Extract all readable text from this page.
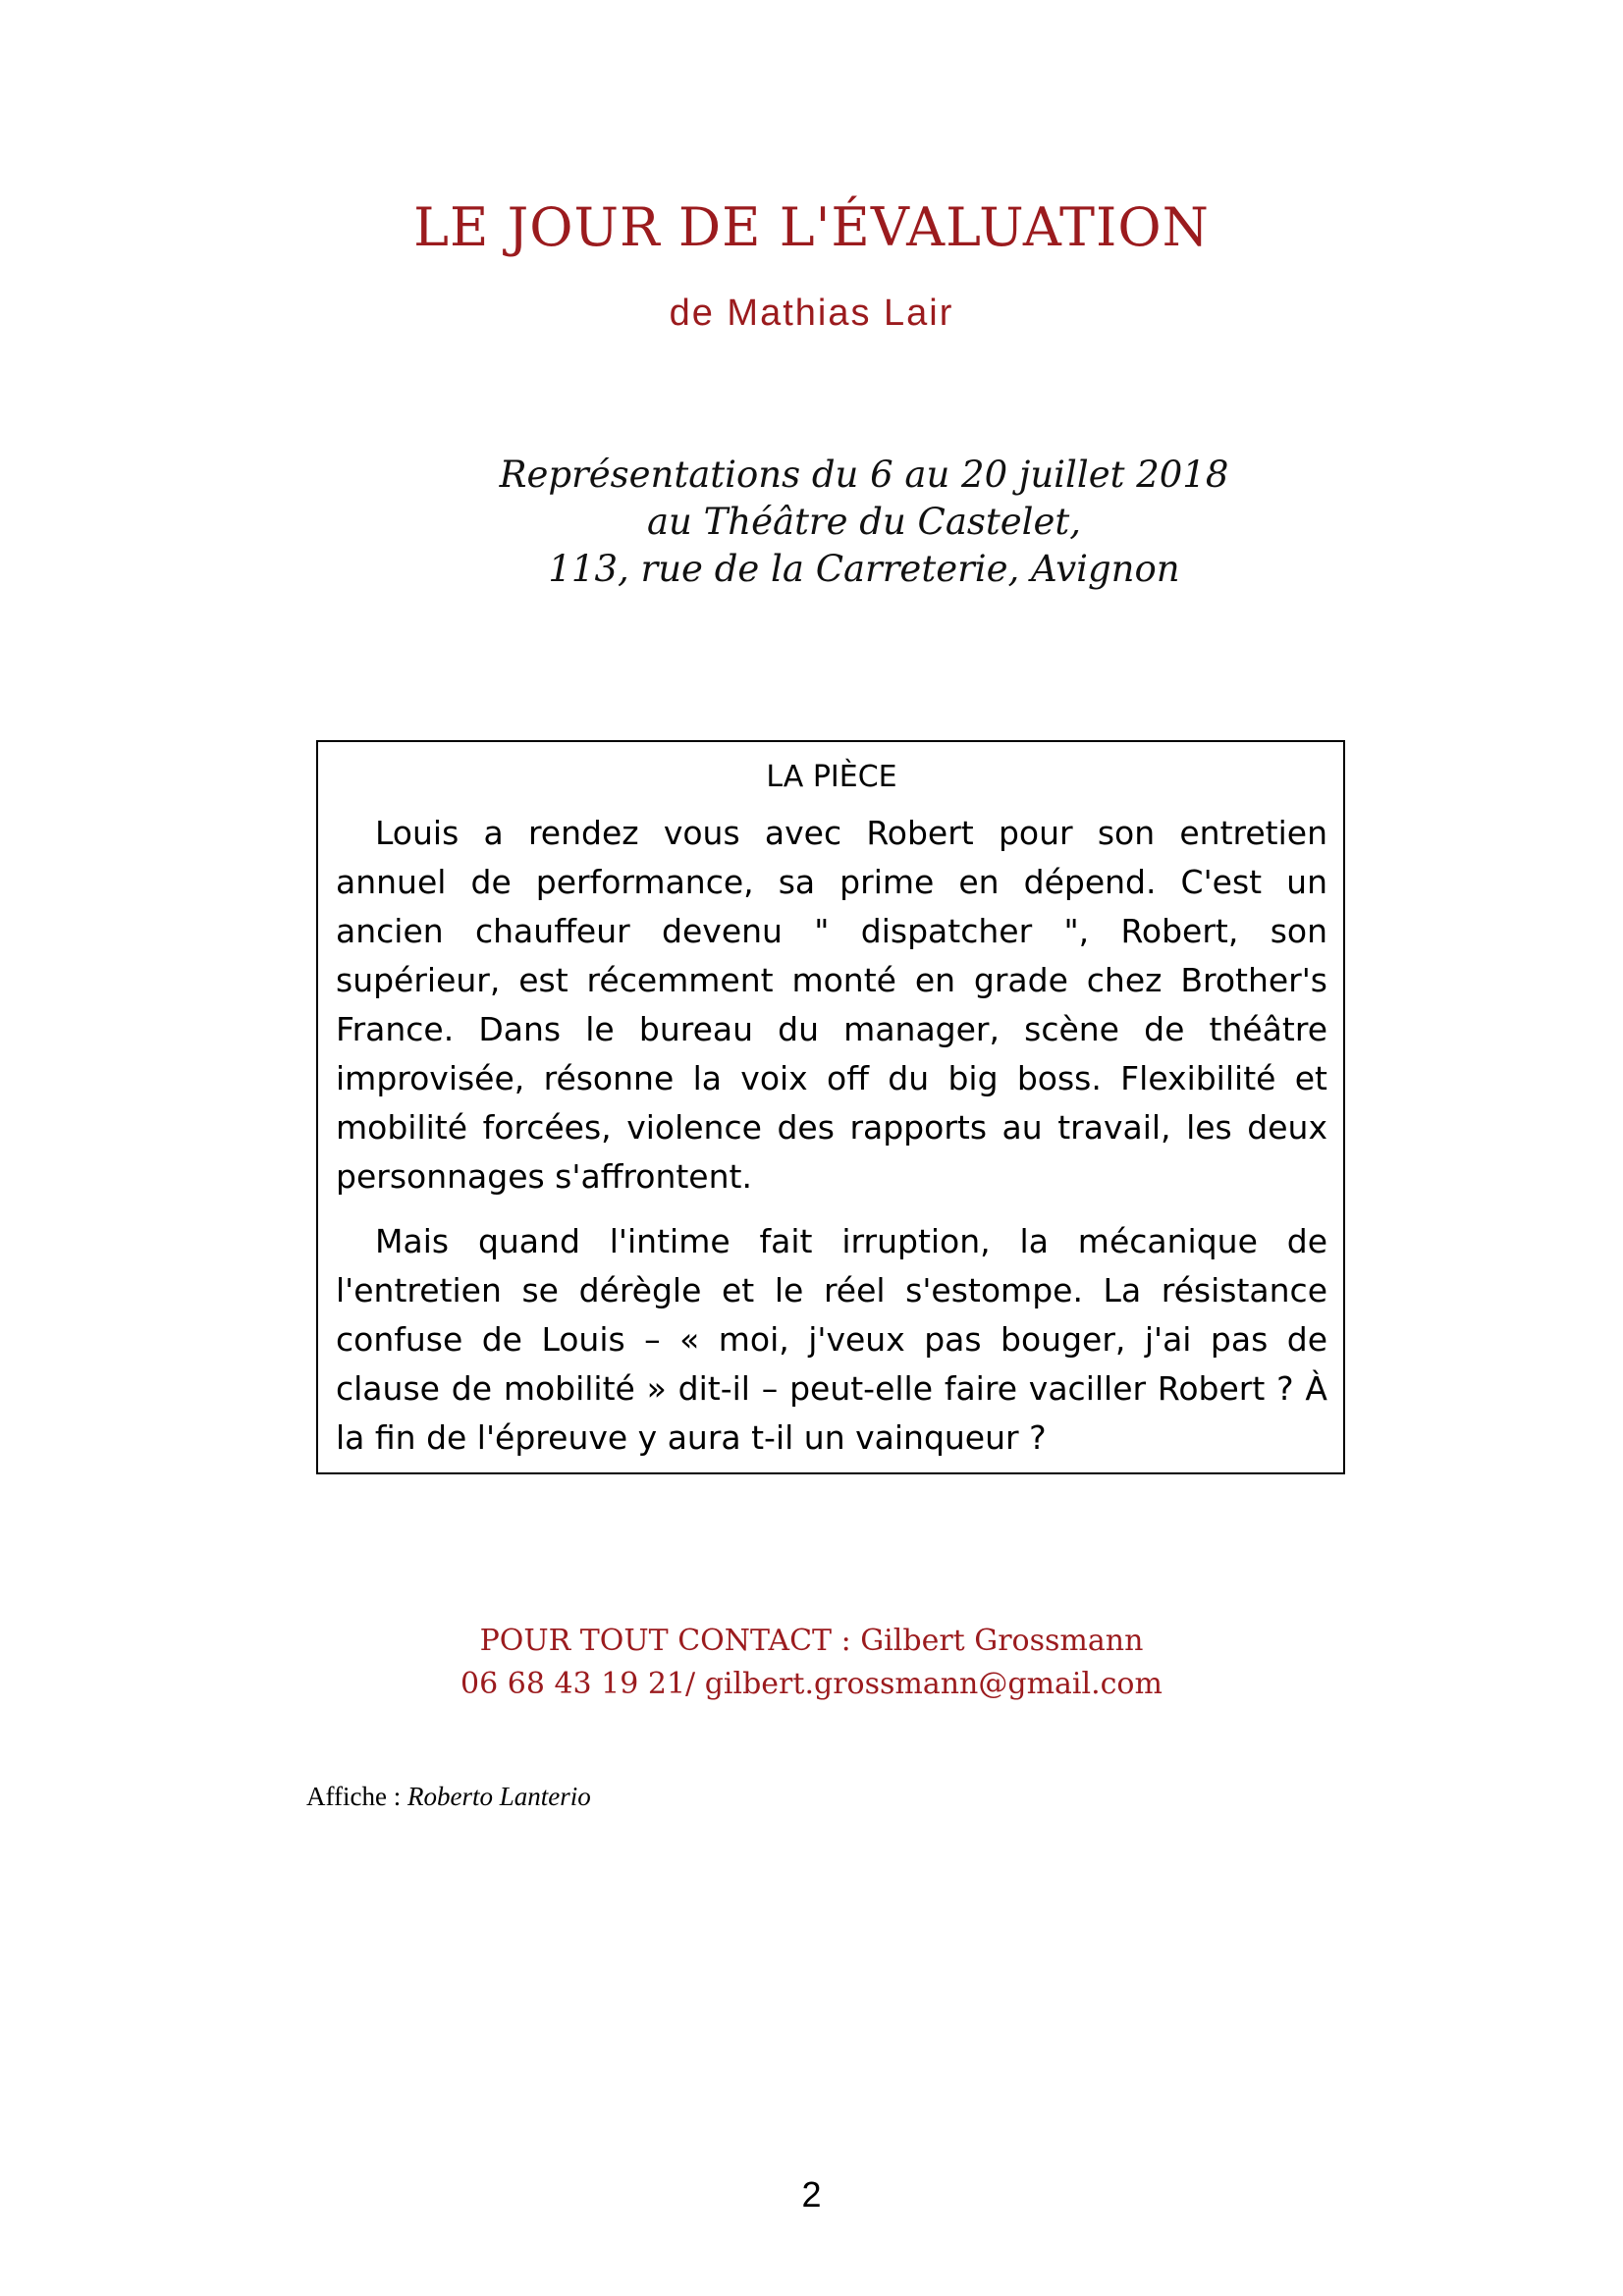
LE JOUR DE L'ÉVALUATION
de Mathias Lair
Représentations du 6 au 20 juillet 2018
au Théâtre du Castelet,
113, rue de la Carreterie, Avignon
LA PIÈCE

Louis a rendez vous avec Robert pour son entretien annuel de performance, sa prime en dépend. C'est un ancien chauffeur devenu " dispatcher ", Robert, son supérieur, est récemment monté en grade chez Brother's France. Dans le bureau du manager, scène de théâtre improvisée, résonne la voix off du big boss. Flexibilité et mobilité forcées, violence des rapports au travail, les deux personnages s'affrontent.

Mais quand l'intime fait irruption, la mécanique de l'entretien se dérègle et le réel s'estompe. La résistance confuse de Louis – « moi, j'veux pas bouger, j'ai pas de clause de mobilité » dit-il – peut-elle faire vaciller Robert ? À la fin de l'épreuve y aura t-il un vainqueur ?

POUR TOUT CONTACT : Gilbert Grossmann
06 68 43 19 21/ gilbert.grossmann@gmail.com
Affiche : Roberto Lanterio
2
